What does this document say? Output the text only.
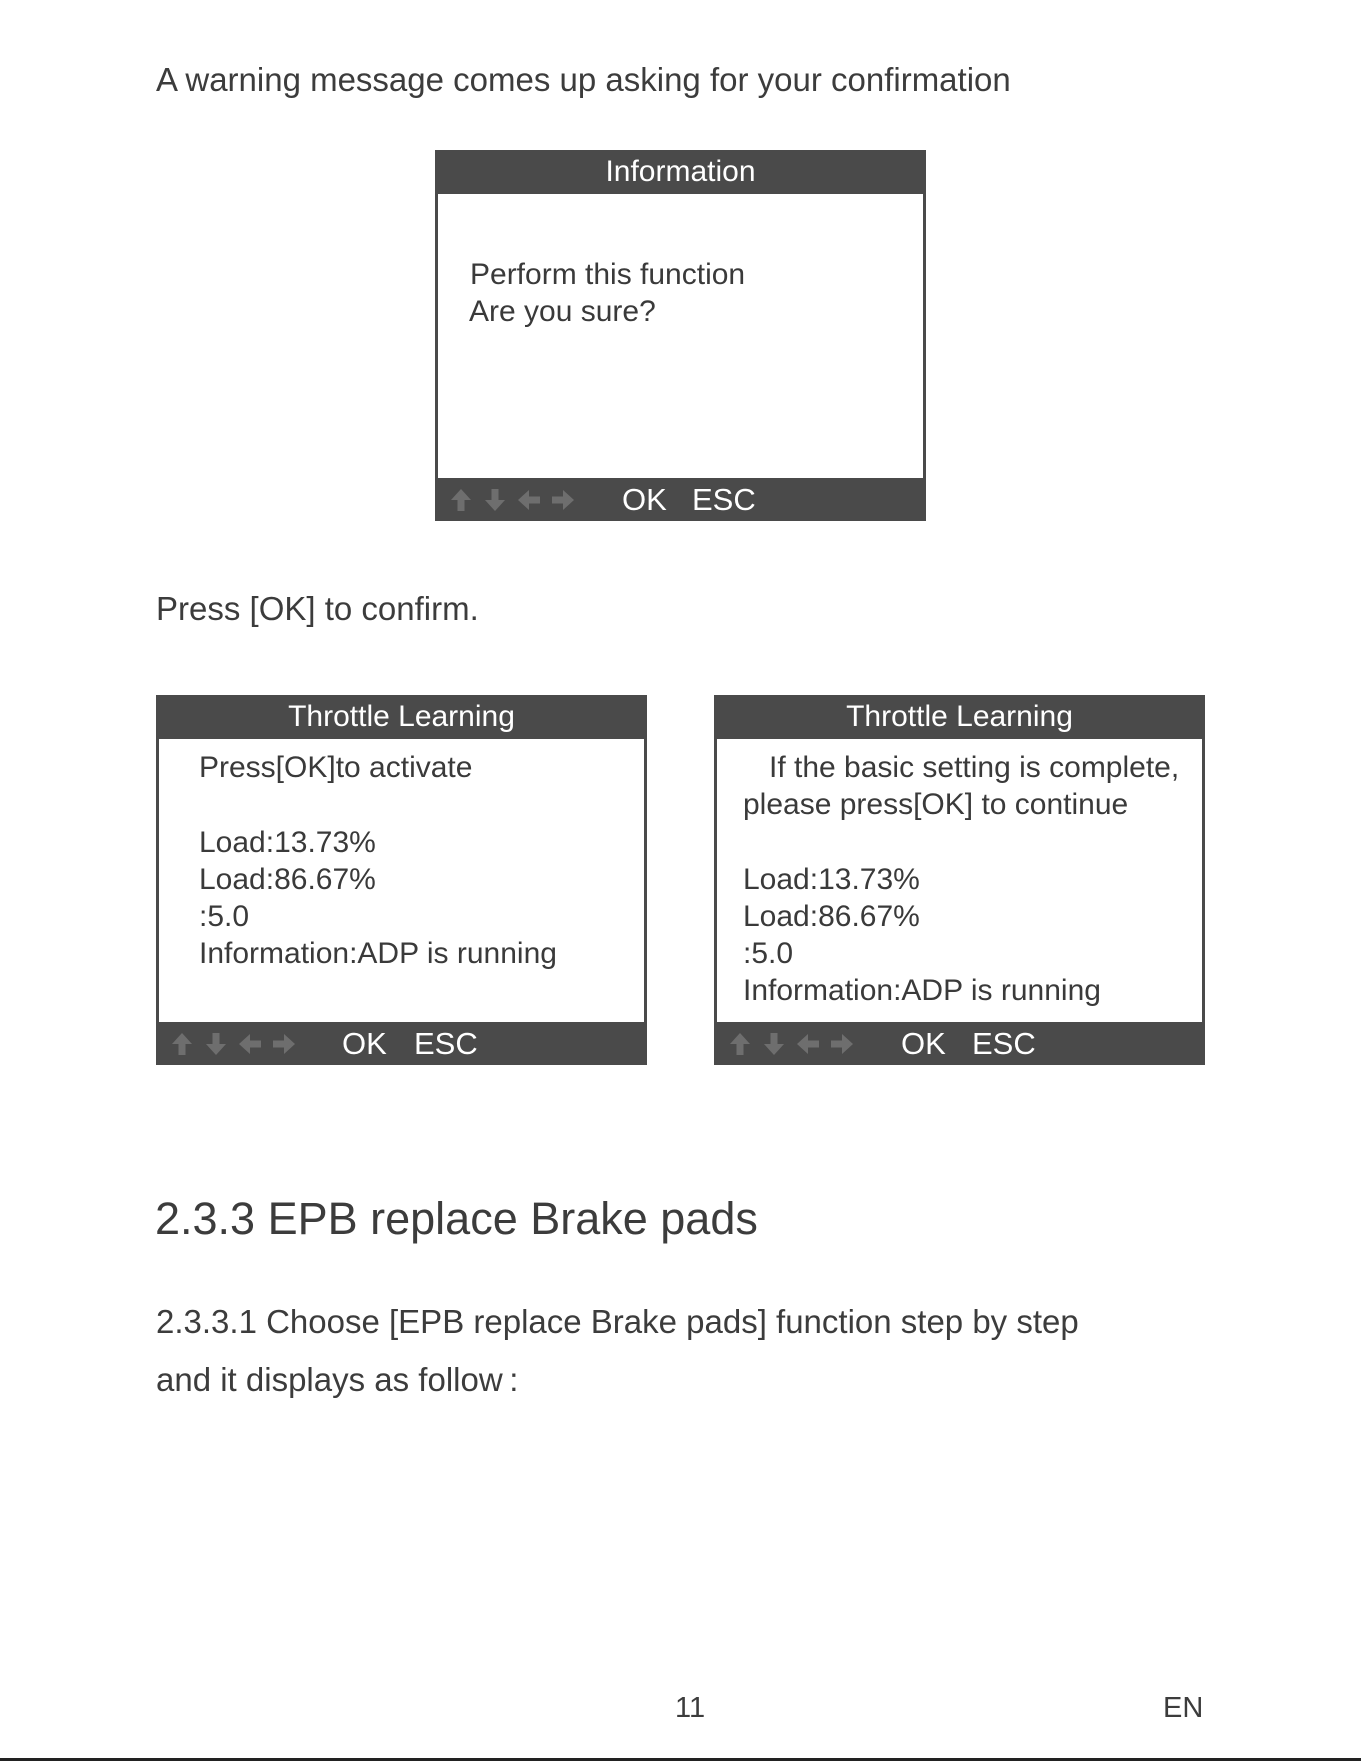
A warning message comes up asking for your confirmation
Information
Perform this function
Are you sure?
OK ESC
Press [OK] to confirm.
Throttle Learning
Press[OK]to activate
Load:13.73%
Load:86.67%
:5.0
Information:ADP is running
OK ESC
Throttle Learning
If the basic setting is complete,
please press[OK] to continue
Load:13.73%
Load:86.67%
:5.0
Information:ADP is running
OK ESC
2.3.3 EPB replace Brake pads
2.3.3.1 Choose [EPB replace Brake pads] function step by step
and it displays as follow :
11	EN
